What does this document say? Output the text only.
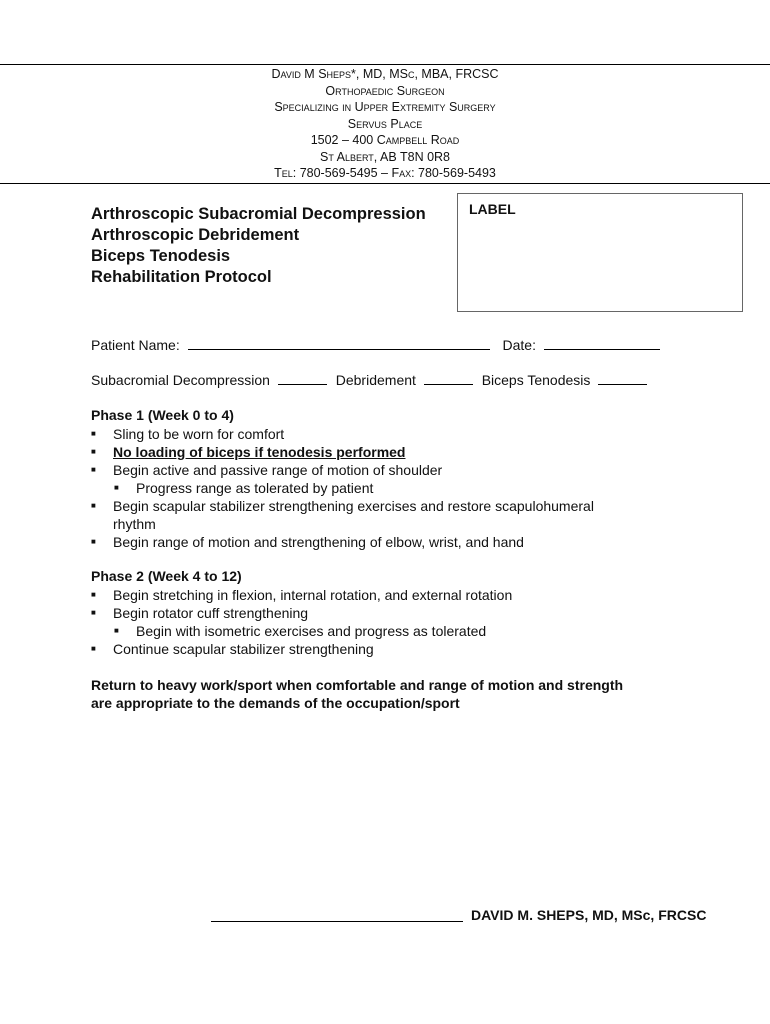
David M Sheps*, MD, MSc, MBA, FRCSC
Orthopaedic Surgeon
Specializing in Upper Extremity Surgery
Servus Place
1502 – 400 Campbell Road
St Albert, AB T8N 0R8
Tel: 780-569-5495 – Fax: 780-569-5493
Arthroscopic Subacromial Decompression
Arthroscopic Debridement
Biceps Tenodesis
Rehabilitation Protocol
LABEL
Patient Name:	Date:
Subacromial Decompression	Debridement	Biceps Tenodesis
Phase 1 (Week 0 to 4)
■ Sling to be worn for comfort
■ No loading of biceps if tenodesis performed
■ Begin active and passive range of motion of shoulder
■ Progress range as tolerated by patient
■ Begin scapular stabilizer strengthening exercises and restore scapulohumeral
rhythm
■ Begin range of motion and strengthening of elbow, wrist, and hand
Phase 2 (Week 4 to 12)
■ Begin stretching in flexion, internal rotation, and external rotation
■ Begin rotator cuff strengthening
■ Begin with isometric exercises and progress as tolerated
■ Continue scapular stabilizer strengthening
Return to heavy work/sport when comfortable and range of motion and strength
are appropriate to the demands of the occupation/sport
DAVID M. SHEPS, MD, MSc, FRCSC
